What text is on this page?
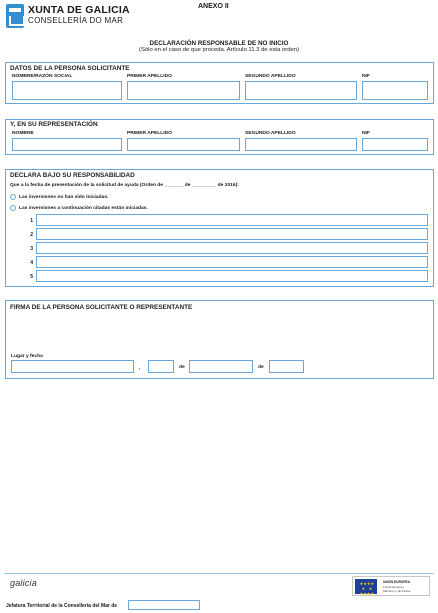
XUNTA DE GALICIA
CONSELLERÍA DO MAR
ANEXO II
DECLARACIÓN RESPONSABLE DE NO INICIO
(Sólo en el caso de que proceda. Artículo 11.3 de esta orden)
DATOS DE LA PERSONA SOLICITANTE
NOMBRE/RAZÓN SOCIAL	PRIMER APELLIDO	SEGUNDO APELLIDO	NIF
Y, EN SU REPRESENTACIÓN
NOMBRE	PRIMER APELLIDO	SEGUNDO APELLIDO	NIF
DECLARA BAJO SU RESPONSABILIDAD
Que a la fecha de presentación de la solicitud de ayuda (Orden de _______ de _________ de 2016):
Las inversiones no han sido iniciadas.
Las inversiones a continuación citadas están iniciadas.
1
2
3
4
5
FIRMA DE LA PERSONA SOLICITANTE O REPRESENTANTE
Lugar y fecha
,	de	de
galicia	★★★★
★   ★
★★★★
UNIÓN EUROPEA
Fondo Europeo
Marítimo y de Pesca
Jefatura Territorial de la Consellería del Mar de
